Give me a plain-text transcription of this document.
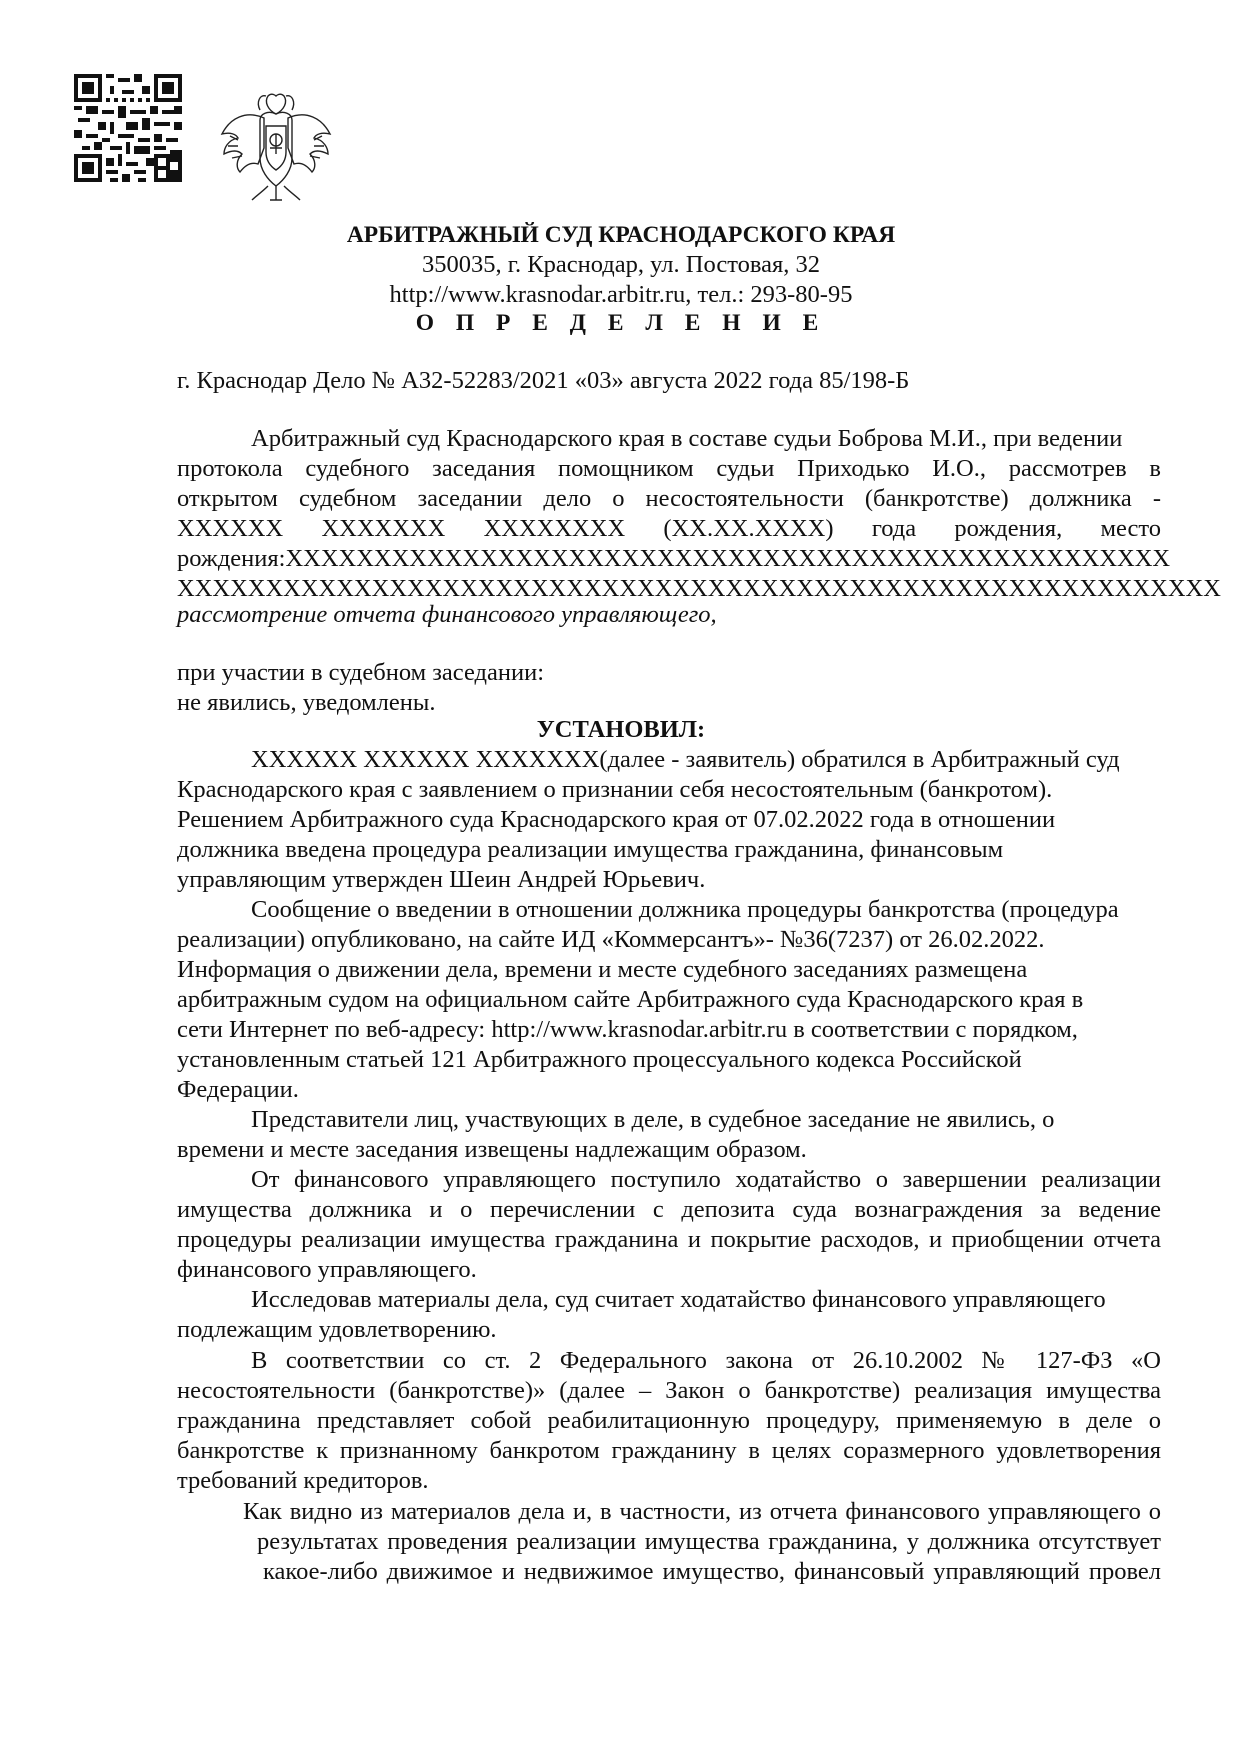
АРБИТРАЖНЫЙ СУД КРАСНОДАРСКОГО КРАЯ
350035, г. Краснодар, ул. Постовая, 32
http://www.krasnodar.arbitr.ru, тел.: 293-80-95
О П Р Е Д Е Л Е Н И Е
г. Краснодар Дело № А32-52283/2021 «03» августа 2022 года 85/198-Б
Арбитражный суд Краснодарского края в составе судьи Боброва М.И., при ведении
протокола судебного заседания помощником судьи Приходько И.О., рассмотрев в
открытом судебном заседании дело о несостоятельности (банкротстве) должника -
XXXXXX XXXXXXX XXXXXXXX (XX.XX.XXXX) года рождения, место
рождения:XXXXXXXXXXXXXXXXXXXXXXXXXXXXXXXXXXXXXXXXXXXXXXXXXX
XXXXXXXXXXXXXXXXXXXXXXXXXXXXXXXXXXXXXXXXXXXXXXXXXXXXXXXXXXX
рассмотрение отчета финансового управляющего,
при участии в судебном заседании:
не явились, уведомлены.
УСТАНОВИЛ:
XXXXXX XXXXXX XXXXXXX(далее - заявитель) обратился в Арбитражный суд
Краснодарского края с заявлением о признании себя несостоятельным (банкротом).
Решением Арбитражного суда Краснодарского края от 07.02.2022 года в отношении
должника введена процедура реализации имущества гражданина, финансовым
управляющим утвержден Шеин Андрей Юрьевич.
Сообщение о введении в отношении должника процедуры банкротства (процедура
реализации) опубликовано, на сайте ИД «Коммерсантъ»- №36(7237) от 26.02.2022.
Информация о движении дела, времени и месте судебного заседаниях размещена
арбитражным судом на официальном сайте Арбитражного суда Краснодарского края в
сети Интернет по веб-адресу: http://www.krasnodar.arbitr.ru в соответствии с порядком,
установленным статьей 121 Арбитражного процессуального кодекса Российской
Федерации.
Представители лиц, участвующих в деле, в судебное заседание не явились, о
времени и месте заседания извещены надлежащим образом.
От финансового управляющего поступило ходатайство о завершении реализации
имущества должника и о перечислении с депозита суда вознаграждения за ведение
процедуры реализации имущества гражданина и покрытие расходов, и приобщении отчета
финансового управляющего.
Исследовав материалы дела, суд считает ходатайство финансового управляющего
подлежащим удовлетворению.
В соответствии со ст. 2 Федерального закона от 26.10.2002 № 127-ФЗ «О
несостоятельности (банкротстве)» (далее – Закон о банкротстве) реализация имущества
гражданина представляет собой реабилитационную процедуру, применяемую в деле о
банкротстве к признанному банкротом гражданину в целях соразмерного удовлетворения
требований кредиторов.
Как видно из материалов дела и, в частности, из отчета финансового управляющего о
результатах проведения реализации имущества гражданина, у должника отсутствует
какое-либо движимое и недвижимое имущество, финансовый управляющий провел
